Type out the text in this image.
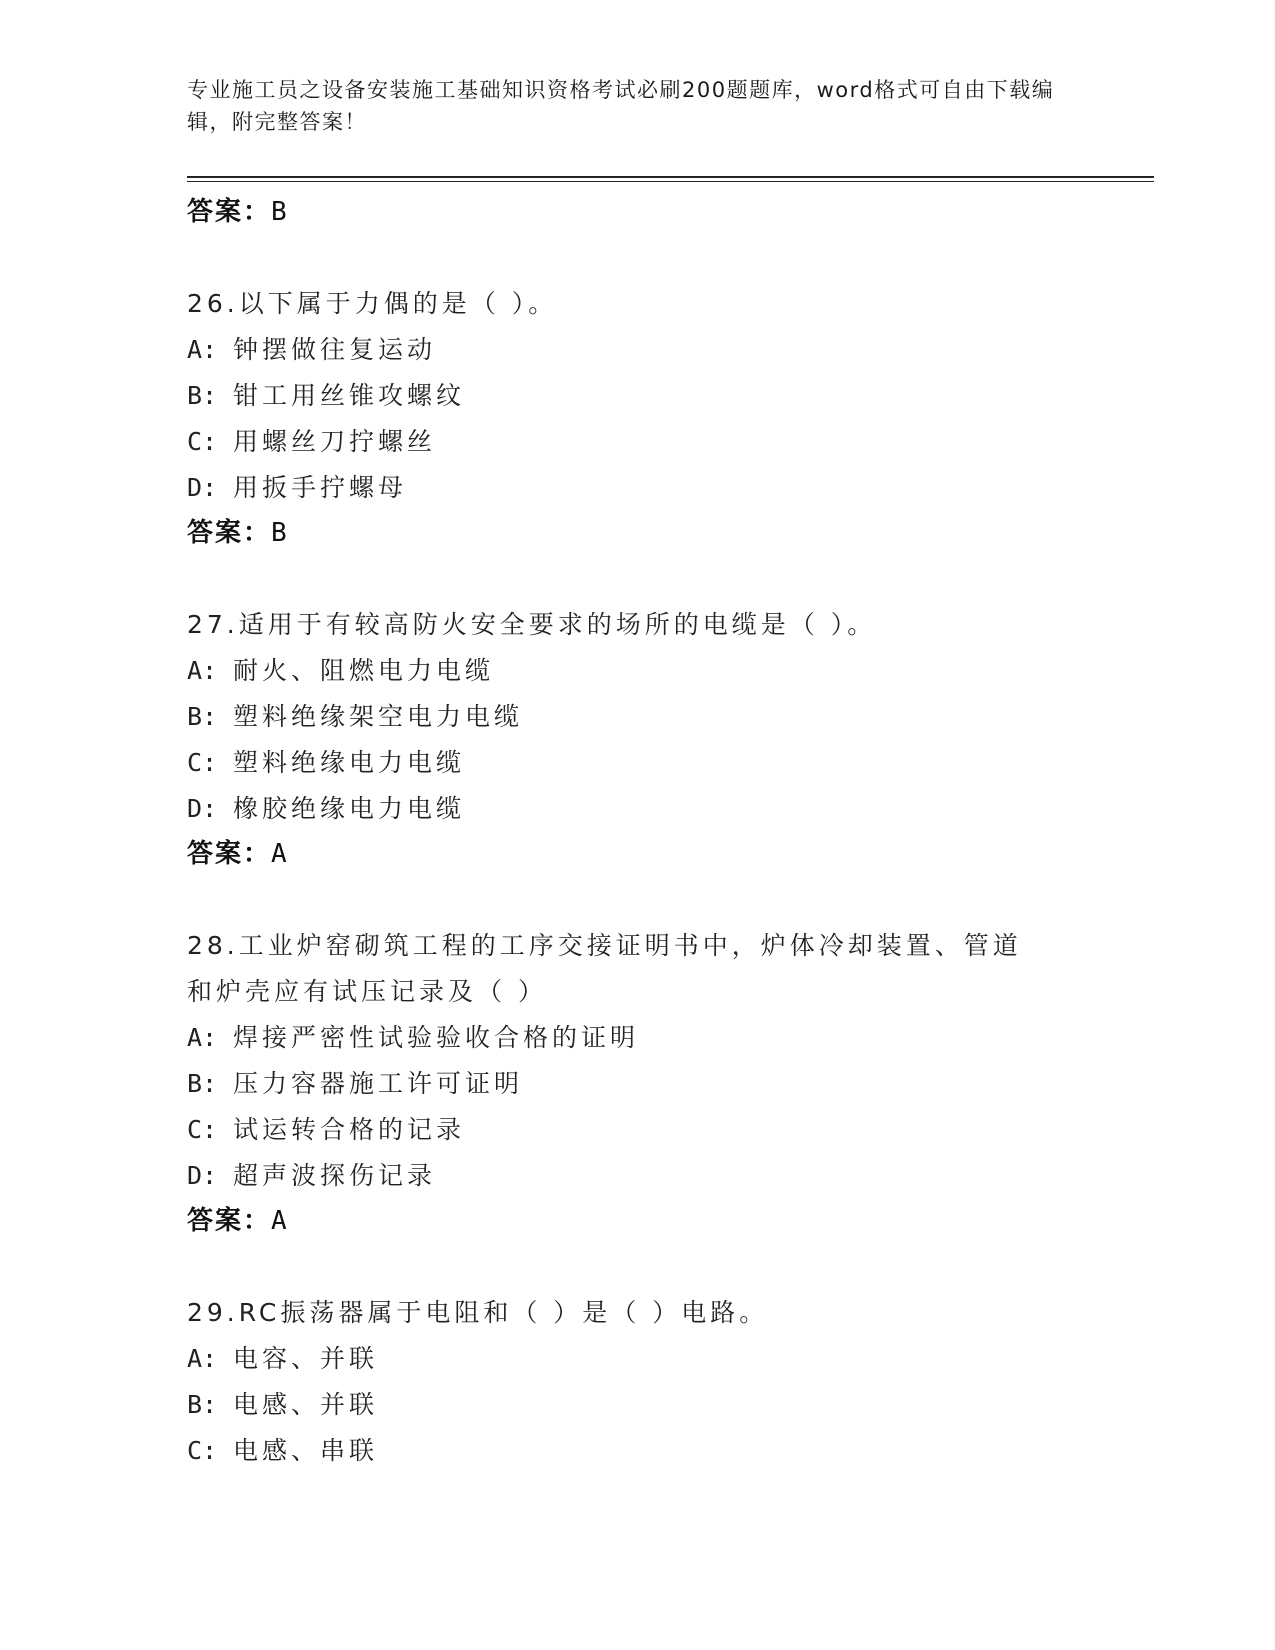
专业施工员之设备安装施工基础知识资格考试必刷200题题库，word格式可自由下载编辑，附完整答案！
答案：B
26.以下属于力偶的是（ ）。
A: 钟摆做往复运动
B: 钳工用丝锥攻螺纹
C: 用螺丝刀拧螺丝
D: 用扳手拧螺母
答案：B
27.适用于有较高防火安全要求的场所的电缆是（ ）。
A: 耐火、阻燃电力电缆
B: 塑料绝缘架空电力电缆
C: 塑料绝缘电力电缆
D: 橡胶绝缘电力电缆
答案：A
28.工业炉窑砌筑工程的工序交接证明书中，炉体冷却装置、管道和炉壳应有试压记录及（ ）
A: 焊接严密性试验验收合格的证明
B: 压力容器施工许可证明
C: 试运转合格的记录
D: 超声波探伤记录
答案：A
29.RC振荡器属于电阻和（ ）是（ ）电路。
A: 电容、并联
B: 电感、并联
C: 电感、串联
